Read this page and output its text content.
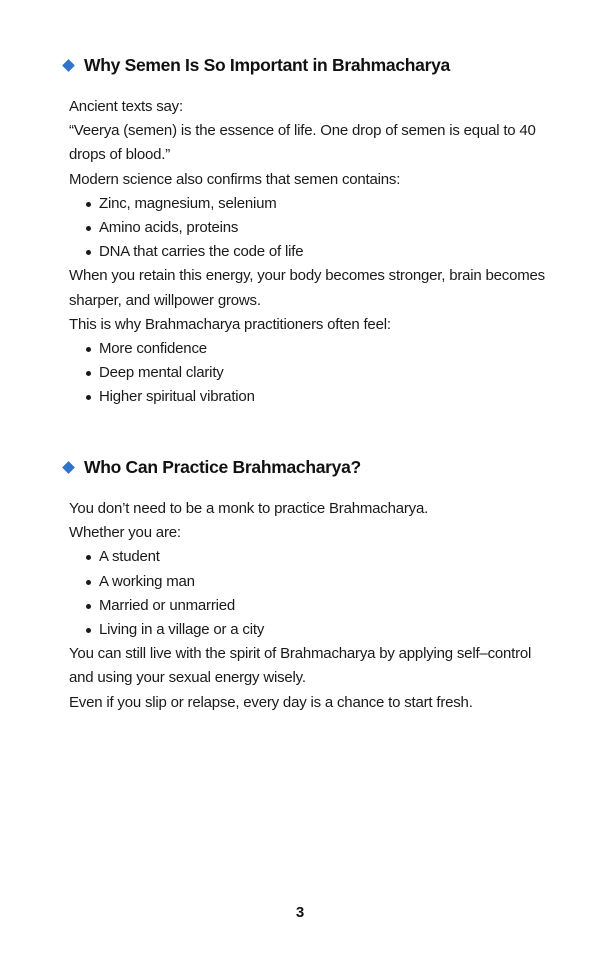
Why Semen Is So Important in Brahmacharya

Ancient texts say:

“Veerya (semen) is the essence of life. One drop of semen is equal to 40 drops of blood.”

Modern science also confirms that semen contains:

Zinc, magnesium, selenium
Amino acids, proteins
DNA that carries the code of life

When you retain this energy, your body becomes stronger, brain becomes sharper, and willpower grows.

This is why Brahmacharya practitioners often feel:

More confidence
Deep mental clarity
Higher spiritual vibration
Who Can Practice Brahmacharya?

You don’t need to be a monk to practice Brahmacharya.

Whether you are:

A student
A working man
Married or unmarried
Living in a village or a city

You can still live with the spirit of Brahmacharya by applying self–control and using your sexual energy wisely.

Even if you slip or relapse, every day is a chance to start fresh.

3
